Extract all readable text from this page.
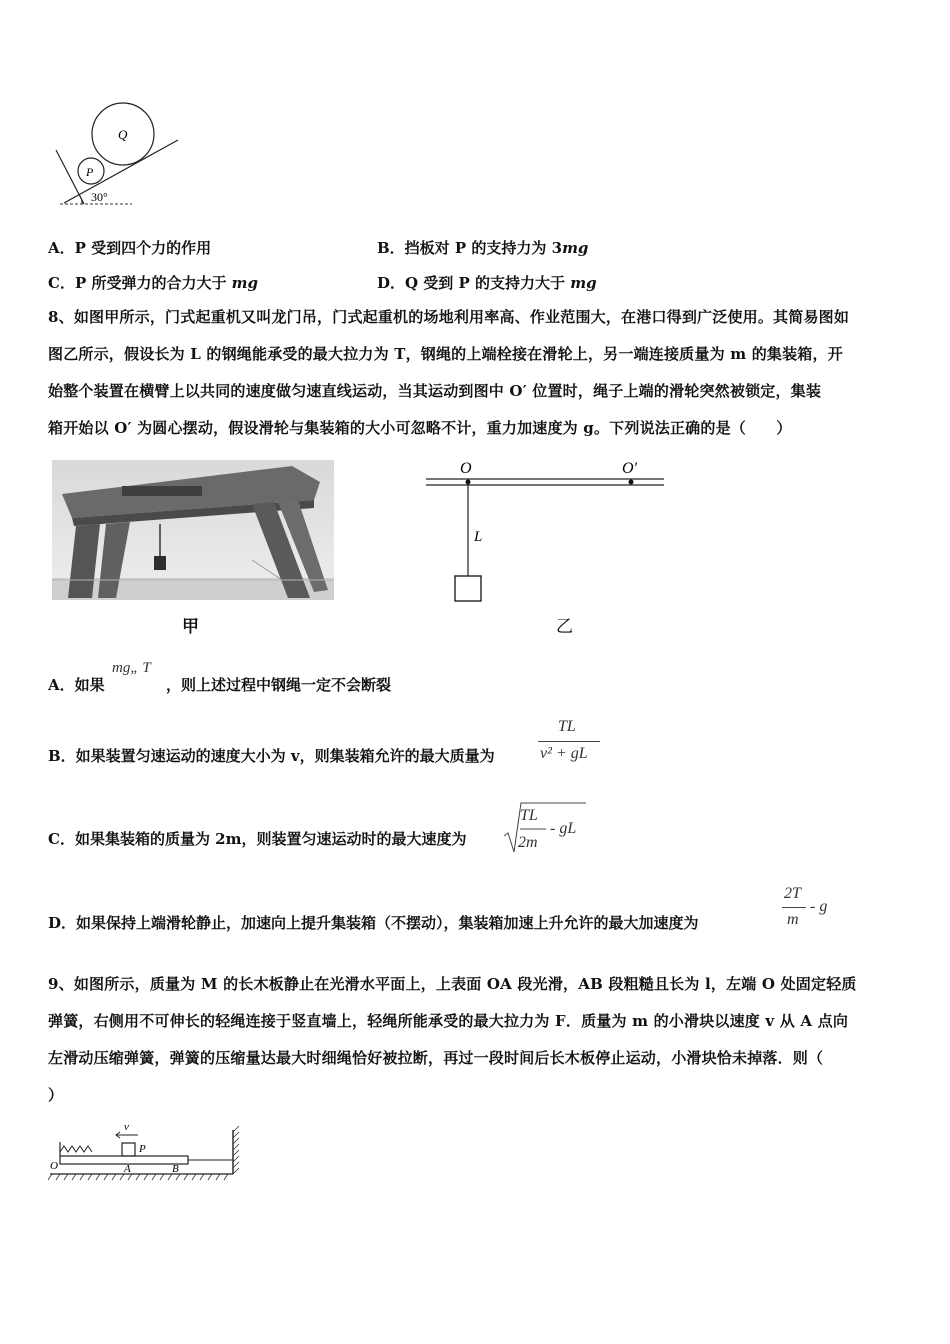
Q
P
30°
A．P 受到四个力的作用	B．挡板对 P 的支持力为 3mg
C．P 所受弹力的合力大于 mg	D．Q 受到 P 的支持力大于 mg
8、如图甲所示，门式起重机又叫龙门吊，门式起重机的场地利用率高、作业范围大，在港口得到广泛使用。其简易图如
图乙所示，假设长为 L 的钢绳能承受的最大拉力为 T，钢绳的上端栓接在滑轮上，另一端连接质量为 m 的集装箱，开
始整个装置在横臂上以共同的速度做匀速直线运动，当其运动到图中 O′ 位置时，绳子上端的滑轮突然被锁定，集装
箱开始以 O′ 为圆心摆动，假设滑轮与集装箱的大小可忽略不计，重力加速度为 g。下列说法正确的是（　　）
甲
O	O′
L
乙
A．如果
mg„ T
，则上述过程中钢绳一定不会断裂
B．如果装置匀速运动的速度大小为 v，则集装箱允许的最大质量为
TL
v² + gL
C．如果集装箱的质量为 2m，则装置匀速运动时的最大速度为
TL
2m
- gL
D．如果保持上端滑轮静止，加速向上提升集装箱（不摆动），集装箱加速上升允许的最大加速度为
2T
m
- g
9、如图所示，质量为 M 的长木板静止在光滑水平面上，上表面 OA 段光滑，AB 段粗糙且长为 l，左端 O 处固定轻质
弹簧，右侧用不可伸长的轻绳连接于竖直墙上，轻绳所能承受的最大拉力为 F．质量为 m 的小滑块以速度 v 从 A 点向
左滑动压缩弹簧，弹簧的压缩量达最大时细绳恰好被拉断，再过一段时间后长木板停止运动，小滑块恰未掉落．则（
）
v
P
O	A	B
